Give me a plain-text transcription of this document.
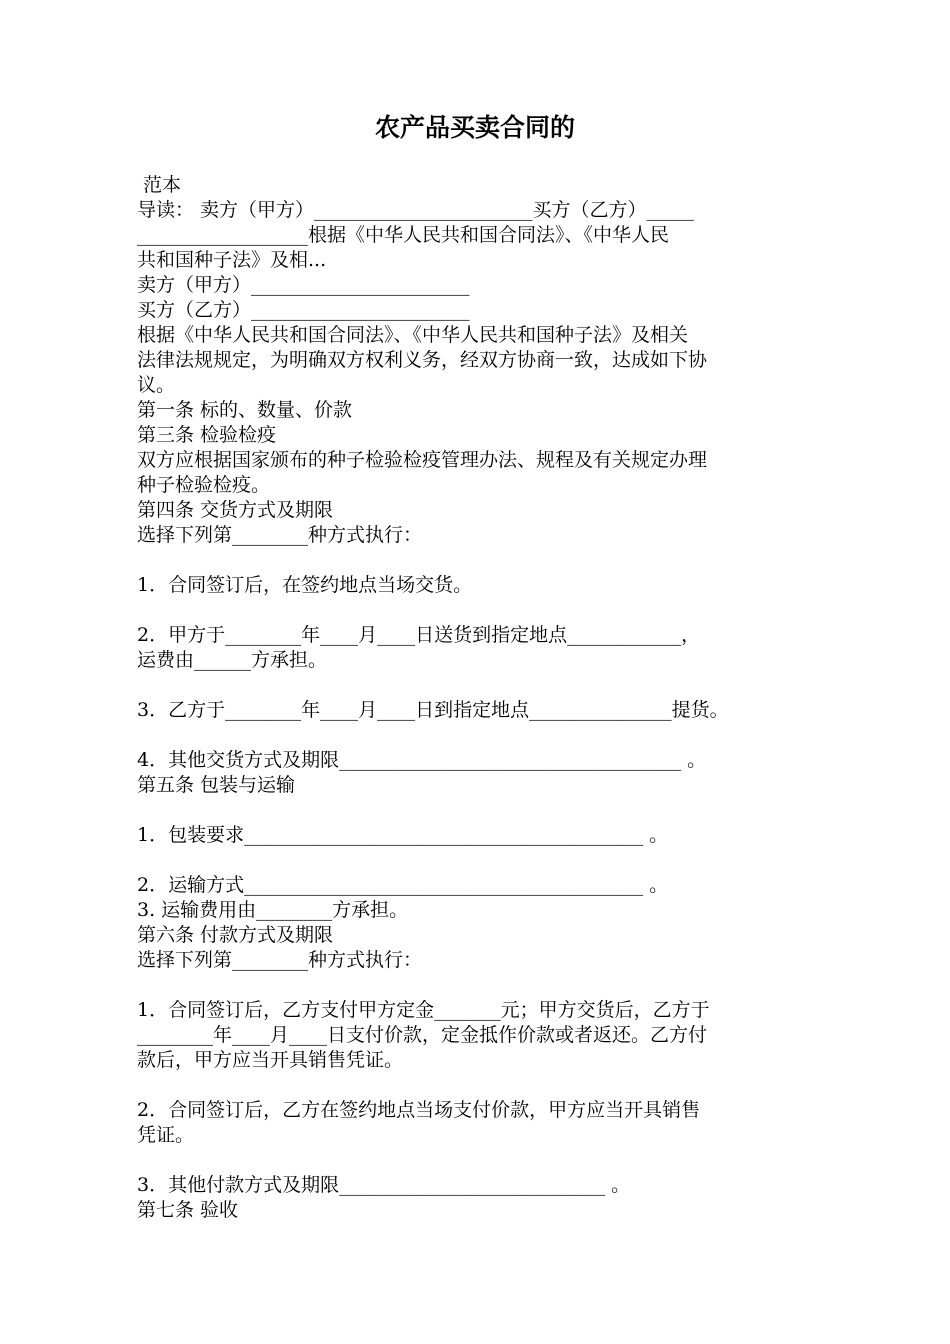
农产品买卖合同的
范本
导读： 卖方（甲方）_______________________买方（乙方）_____
__________________根据《中华人民共和国合同法》、《中华人民
共和国种子法》及相...
卖方（甲方）_______________________
买方（乙方）_______________________
根据《中华人民共和国合同法》、《中华人民共和国种子法》及相关
法律法规规定，为明确双方权利义务，经双方协商一致，达成如下协
议。
第一条 标的、数量、价款
第三条 检验检疫
双方应根据国家颁布的种子检验检疫管理办法、规程及有关规定办理
种子检验检疫。
第四条 交货方式及期限
选择下列第________种方式执行：
1．合同签订后，在签约地点当场交货。
2．甲方于________年____月____日送货到指定地点____________，
运费由______方承担。
3．乙方于________年____月____日到指定地点_______________提货。
4．其他交货方式及期限____________________________________ 。
第五条 包装与运输
1．包装要求__________________________________________ 。
2．运输方式__________________________________________ 。
3. 运输费用由________方承担。
第六条 付款方式及期限
选择下列第________种方式执行：
1．合同签订后，乙方支付甲方定金_______元；甲方交货后，乙方于
________年____月____日支付价款，定金抵作价款或者返还。乙方付
款后，甲方应当开具销售凭证。
2．合同签订后，乙方在签约地点当场支付价款，甲方应当开具销售
凭证。
3．其他付款方式及期限____________________________ 。
第七条 验收
